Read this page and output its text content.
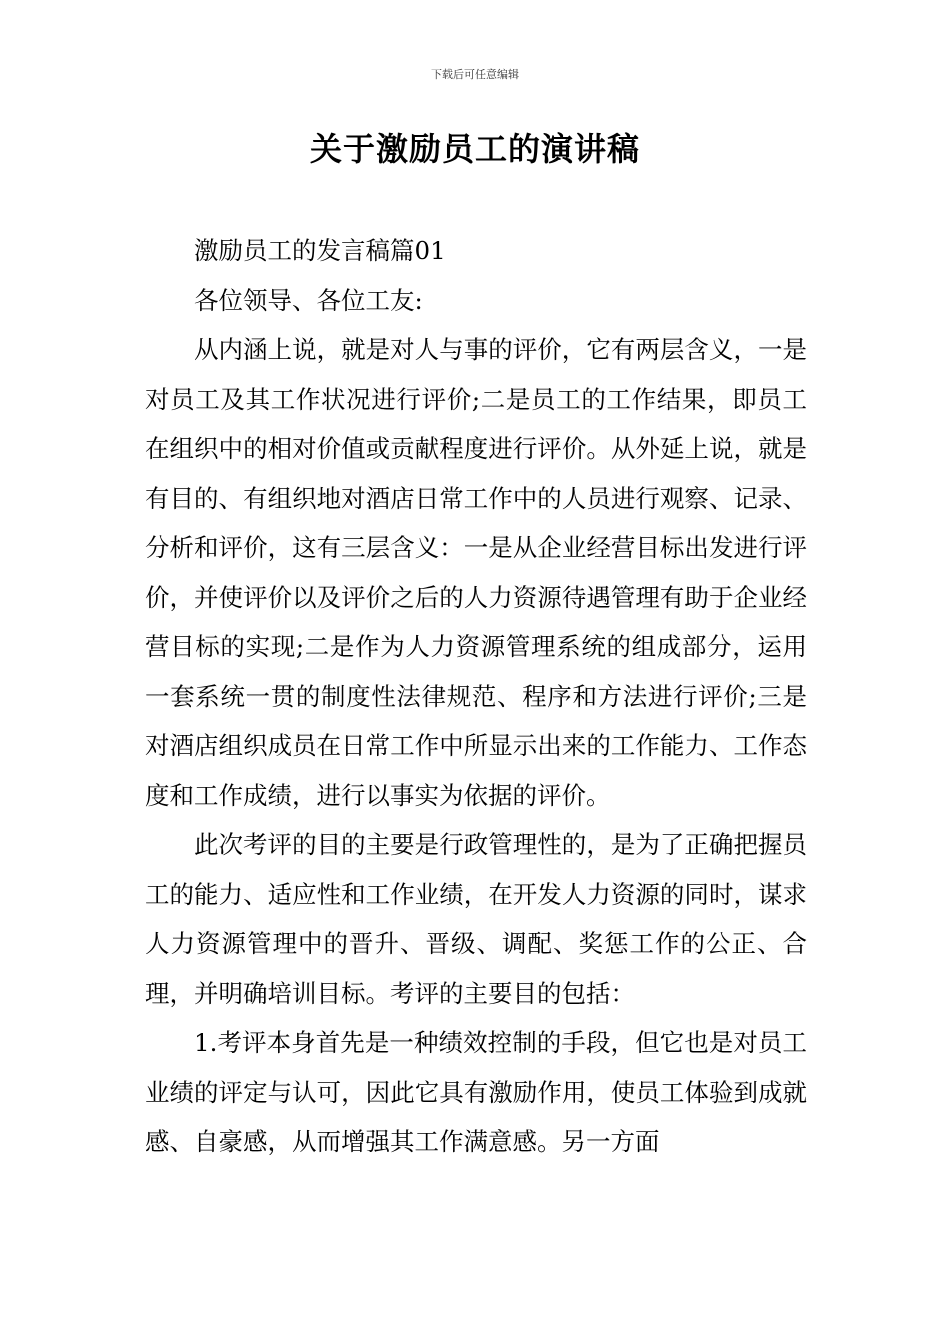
下载后可任意编辑
关于激励员工的演讲稿

激励员工的发言稿篇01

各位领导、各位工友:

从内涵上说，就是对人与事的评价，它有两层含义，一是对员工及其工作状况进行评价;二是员工的工作结果，即员工在组织中的相对价值或贡献程度进行评价。从外延上说，就是有目的、有组织地对酒店日常工作中的人员进行观察、记录、分析和评价，这有三层含义：一是从企业经营目标出发进行评价，并使评价以及评价之后的人力资源待遇管理有助于企业经营目标的实现;二是作为人力资源管理系统的组成部分，运用一套系统一贯的制度性法律规范、程序和方法进行评价;三是对酒店组织成员在日常工作中所显示出来的工作能力、工作态度和工作成绩，进行以事实为依据的评价。

此次考评的目的主要是行政管理性的，是为了正确把握员工的能力、适应性和工作业绩，在开发人力资源的同时，谋求人力资源管理中的晋升、晋级、调配、奖惩工作的公正、合理，并明确培训目标。考评的主要目的包括：

1.考评本身首先是一种绩效控制的手段，但它也是对员工业绩的评定与认可，因此它具有激励作用，使员工体验到成就感、自豪感，从而增强其工作满意感。另一方面
